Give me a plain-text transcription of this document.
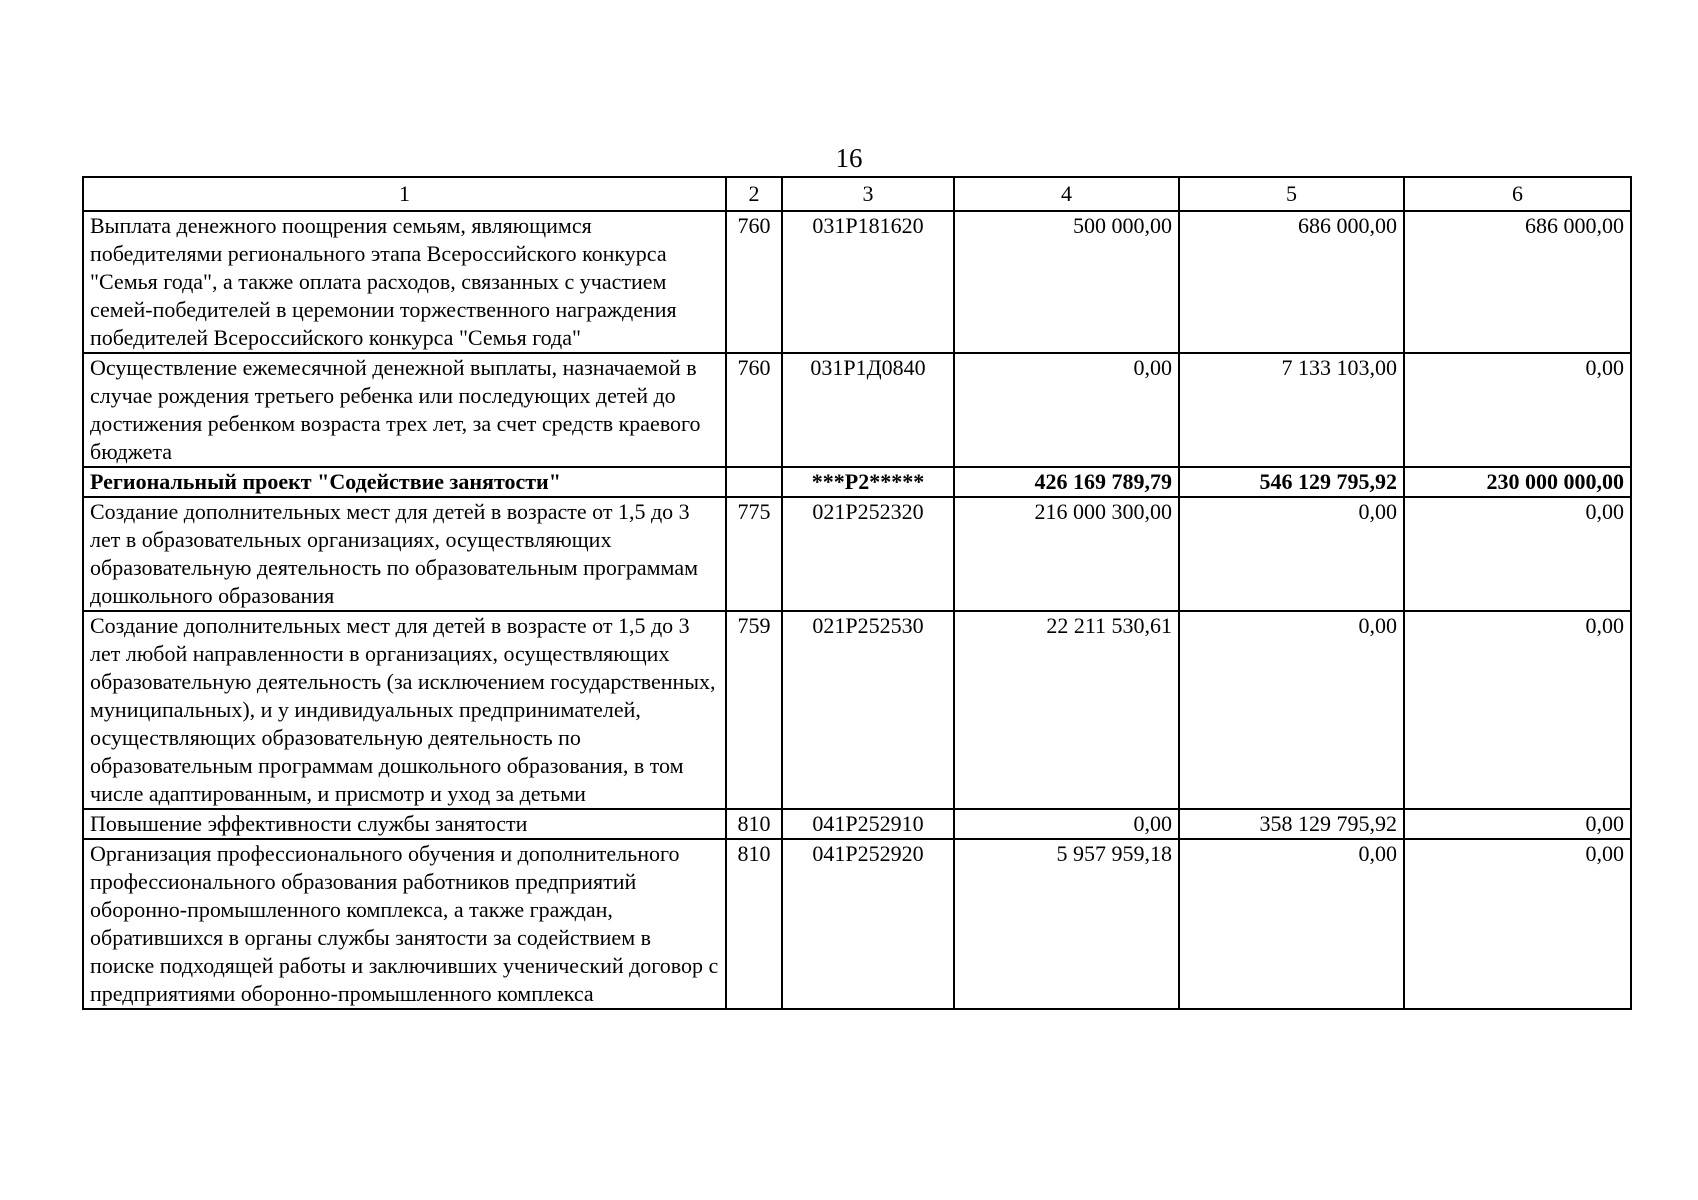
16
1	2	3	4	5	6
Выплата денежного поощрения семьям, являющимся победителями регионального этапа Всероссийского конкурса "Семья года", а также оплата расходов, связанных с участием семей-победителей в церемонии торжественного награждения победителей Всероссийского конкурса "Семья года"	760	031Р181620	500 000,00	686 000,00	686 000,00
Осуществление ежемесячной денежной выплаты, назначаемой в случае рождения третьего ребенка или последующих детей до достижения ребенком возраста трех лет, за счет средств краевого бюджета	760	031Р1Д0840	0,00	7 133 103,00	0,00
Региональный проект "Содействие занятости"		***Р2*****	426 169 789,79	546 129 795,92	230 000 000,00
Создание дополнительных мест для детей в возрасте от 1,5 до 3 лет в образовательных организациях, осуществляющих образовательную деятельность по образовательным программам дошкольного образования	775	021Р252320	216 000 300,00	0,00	0,00
Создание дополнительных мест для детей в возрасте от 1,5 до 3 лет любой направленности в организациях, осуществляющих образовательную деятельность (за исключением государственных, муниципальных), и у индивидуальных предпринимателей, осуществляющих образовательную деятельность по образовательным программам дошкольного образования, в том числе адаптированным, и присмотр и уход за детьми	759	021Р252530	22 211 530,61	0,00	0,00
Повышение эффективности службы занятости	810	041Р252910	0,00	358 129 795,92	0,00
Организация профессионального обучения и дополнительного профессионального образования работников предприятий оборонно-промышленного комплекса, а также граждан, обратившихся в органы службы занятости за содействием в поиске подходящей работы и заключивших ученический договор с предприятиями оборонно-промышленного комплекса	810	041Р252920	5 957 959,18	0,00	0,00
